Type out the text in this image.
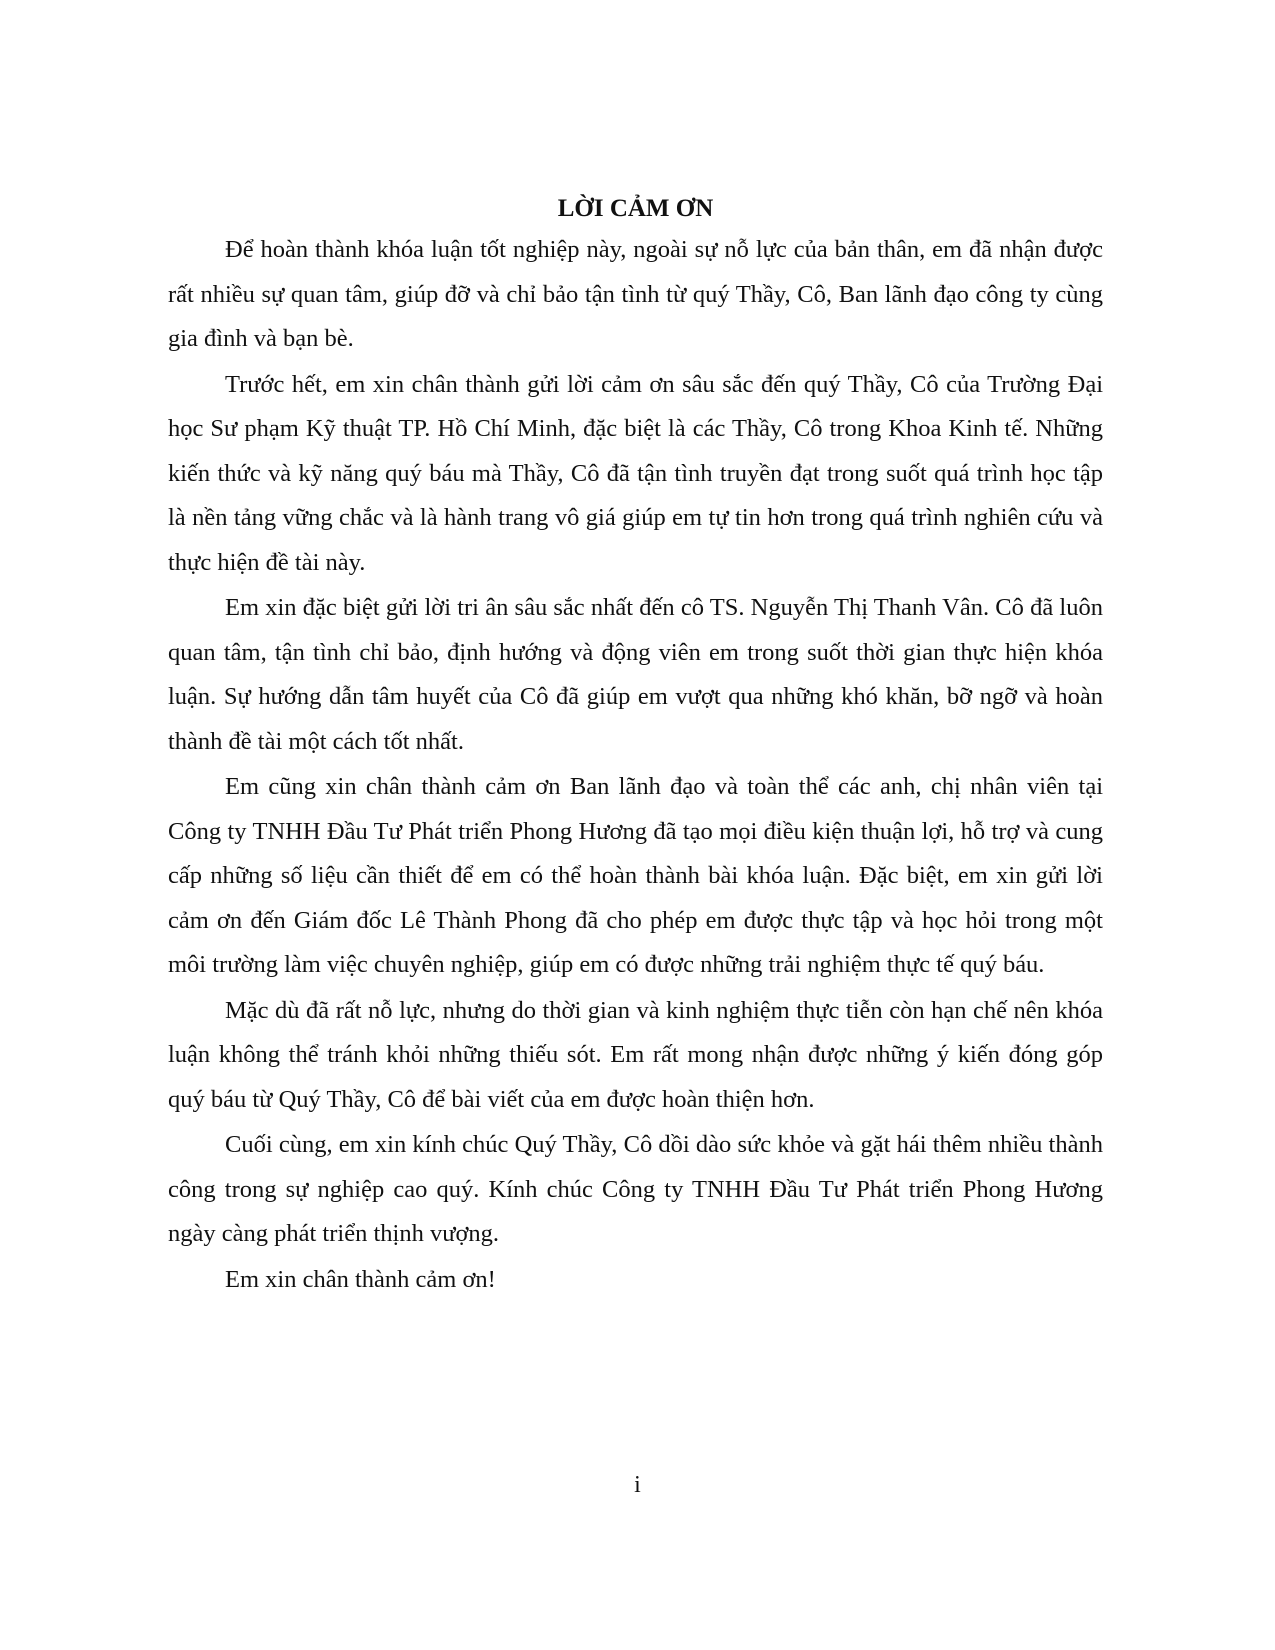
LỜI CẢM ƠN

Để hoàn thành khóa luận tốt nghiệp này, ngoài sự nỗ lực của bản thân, em đã nhận được rất nhiều sự quan tâm, giúp đỡ và chỉ bảo tận tình từ quý Thầy, Cô, Ban lãnh đạo công ty cùng gia đình và bạn bè.

Trước hết, em xin chân thành gửi lời cảm ơn sâu sắc đến quý Thầy, Cô của Trường Đại học Sư phạm Kỹ thuật TP. Hồ Chí Minh, đặc biệt là các Thầy, Cô trong Khoa Kinh tế. Những kiến thức và kỹ năng quý báu mà Thầy, Cô đã tận tình truyền đạt trong suốt quá trình học tập là nền tảng vững chắc và là hành trang vô giá giúp em tự tin hơn trong quá trình nghiên cứu và thực hiện đề tài này.

Em xin đặc biệt gửi lời tri ân sâu sắc nhất đến cô TS. Nguyễn Thị Thanh Vân. Cô đã luôn quan tâm, tận tình chỉ bảo, định hướng và động viên em trong suốt thời gian thực hiện khóa luận. Sự hướng dẫn tâm huyết của Cô đã giúp em vượt qua những khó khăn, bỡ ngỡ và hoàn thành đề tài một cách tốt nhất.

Em cũng xin chân thành cảm ơn Ban lãnh đạo và toàn thể các anh, chị nhân viên tại Công ty TNHH Đầu Tư Phát triển Phong Hương đã tạo mọi điều kiện thuận lợi, hỗ trợ và cung cấp những số liệu cần thiết để em có thể hoàn thành bài khóa luận. Đặc biệt, em xin gửi lời cảm ơn đến Giám đốc Lê Thành Phong đã cho phép em được thực tập và học hỏi trong một môi trường làm việc chuyên nghiệp, giúp em có được những trải nghiệm thực tế quý báu.

Mặc dù đã rất nỗ lực, nhưng do thời gian và kinh nghiệm thực tiễn còn hạn chế nên khóa luận không thể tránh khỏi những thiếu sót. Em rất mong nhận được những ý kiến đóng góp quý báu từ Quý Thầy, Cô để bài viết của em được hoàn thiện hơn.

Cuối cùng, em xin kính chúc Quý Thầy, Cô dồi dào sức khỏe và gặt hái thêm nhiều thành công trong sự nghiệp cao quý. Kính chúc Công ty TNHH Đầu Tư Phát triển Phong Hương ngày càng phát triển thịnh vượng.

Em xin chân thành cảm ơn!

i
